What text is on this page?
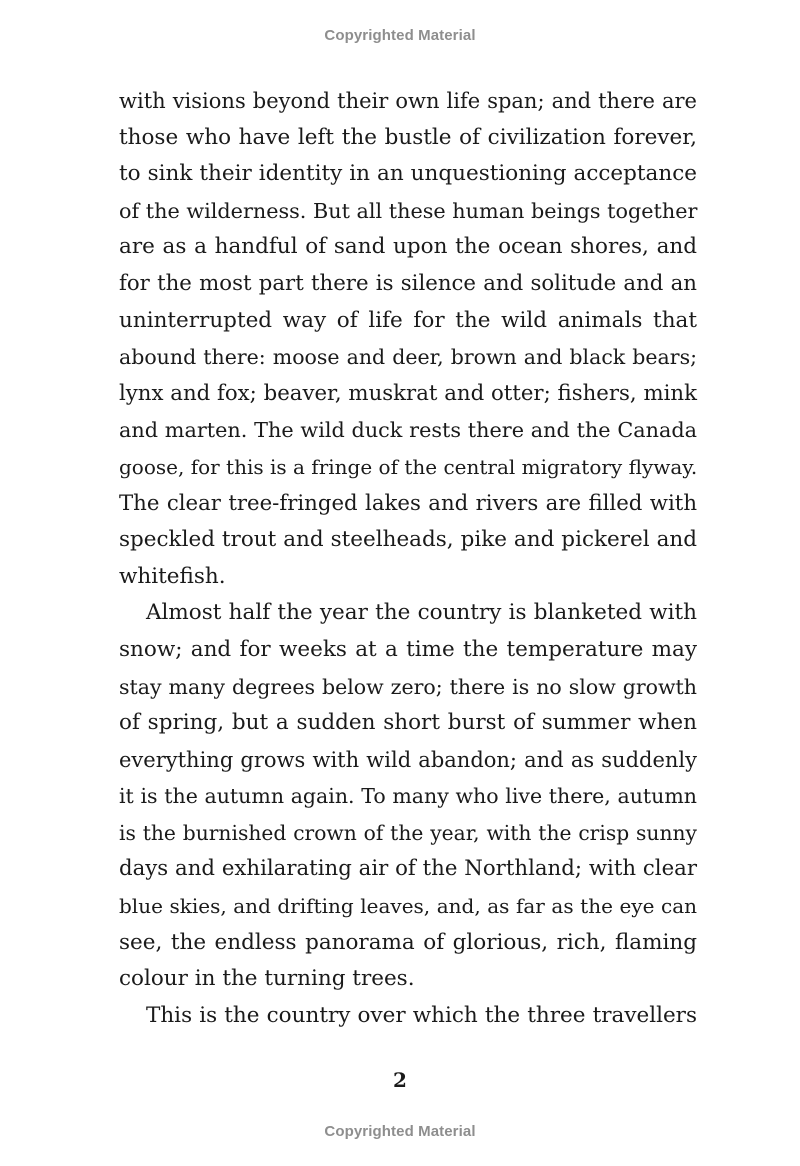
Copyrighted Material
with visions beyond their own life span; and there are
those who have left the bustle of civilization forever,
to sink their identity in an unquestioning acceptance
of the wilderness. But all these human beings together
are as a handful of sand upon the ocean shores, and
for the most part there is silence and solitude and an
uninterrupted way of life for the wild animals that
abound there: moose and deer, brown and black bears;
lynx and fox; beaver, muskrat and otter; fishers, mink
and marten. The wild duck rests there and the Canada
goose, for this is a fringe of the central migratory flyway.
The clear tree-fringed lakes and rivers are filled with
speckled trout and steelheads, pike and pickerel and
whitefish.
Almost half the year the country is blanketed with
snow; and for weeks at a time the temperature may
stay many degrees below zero; there is no slow growth
of spring, but a sudden short burst of summer when
everything grows with wild abandon; and as suddenly
it is the autumn again. To many who live there, autumn
is the burnished crown of the year, with the crisp sunny
days and exhilarating air of the Northland; with clear
blue skies, and drifting leaves, and, as far as the eye can
see, the endless panorama of glorious, rich, flaming
colour in the turning trees.
This is the country over which the three travellers
2
Copyrighted Material
